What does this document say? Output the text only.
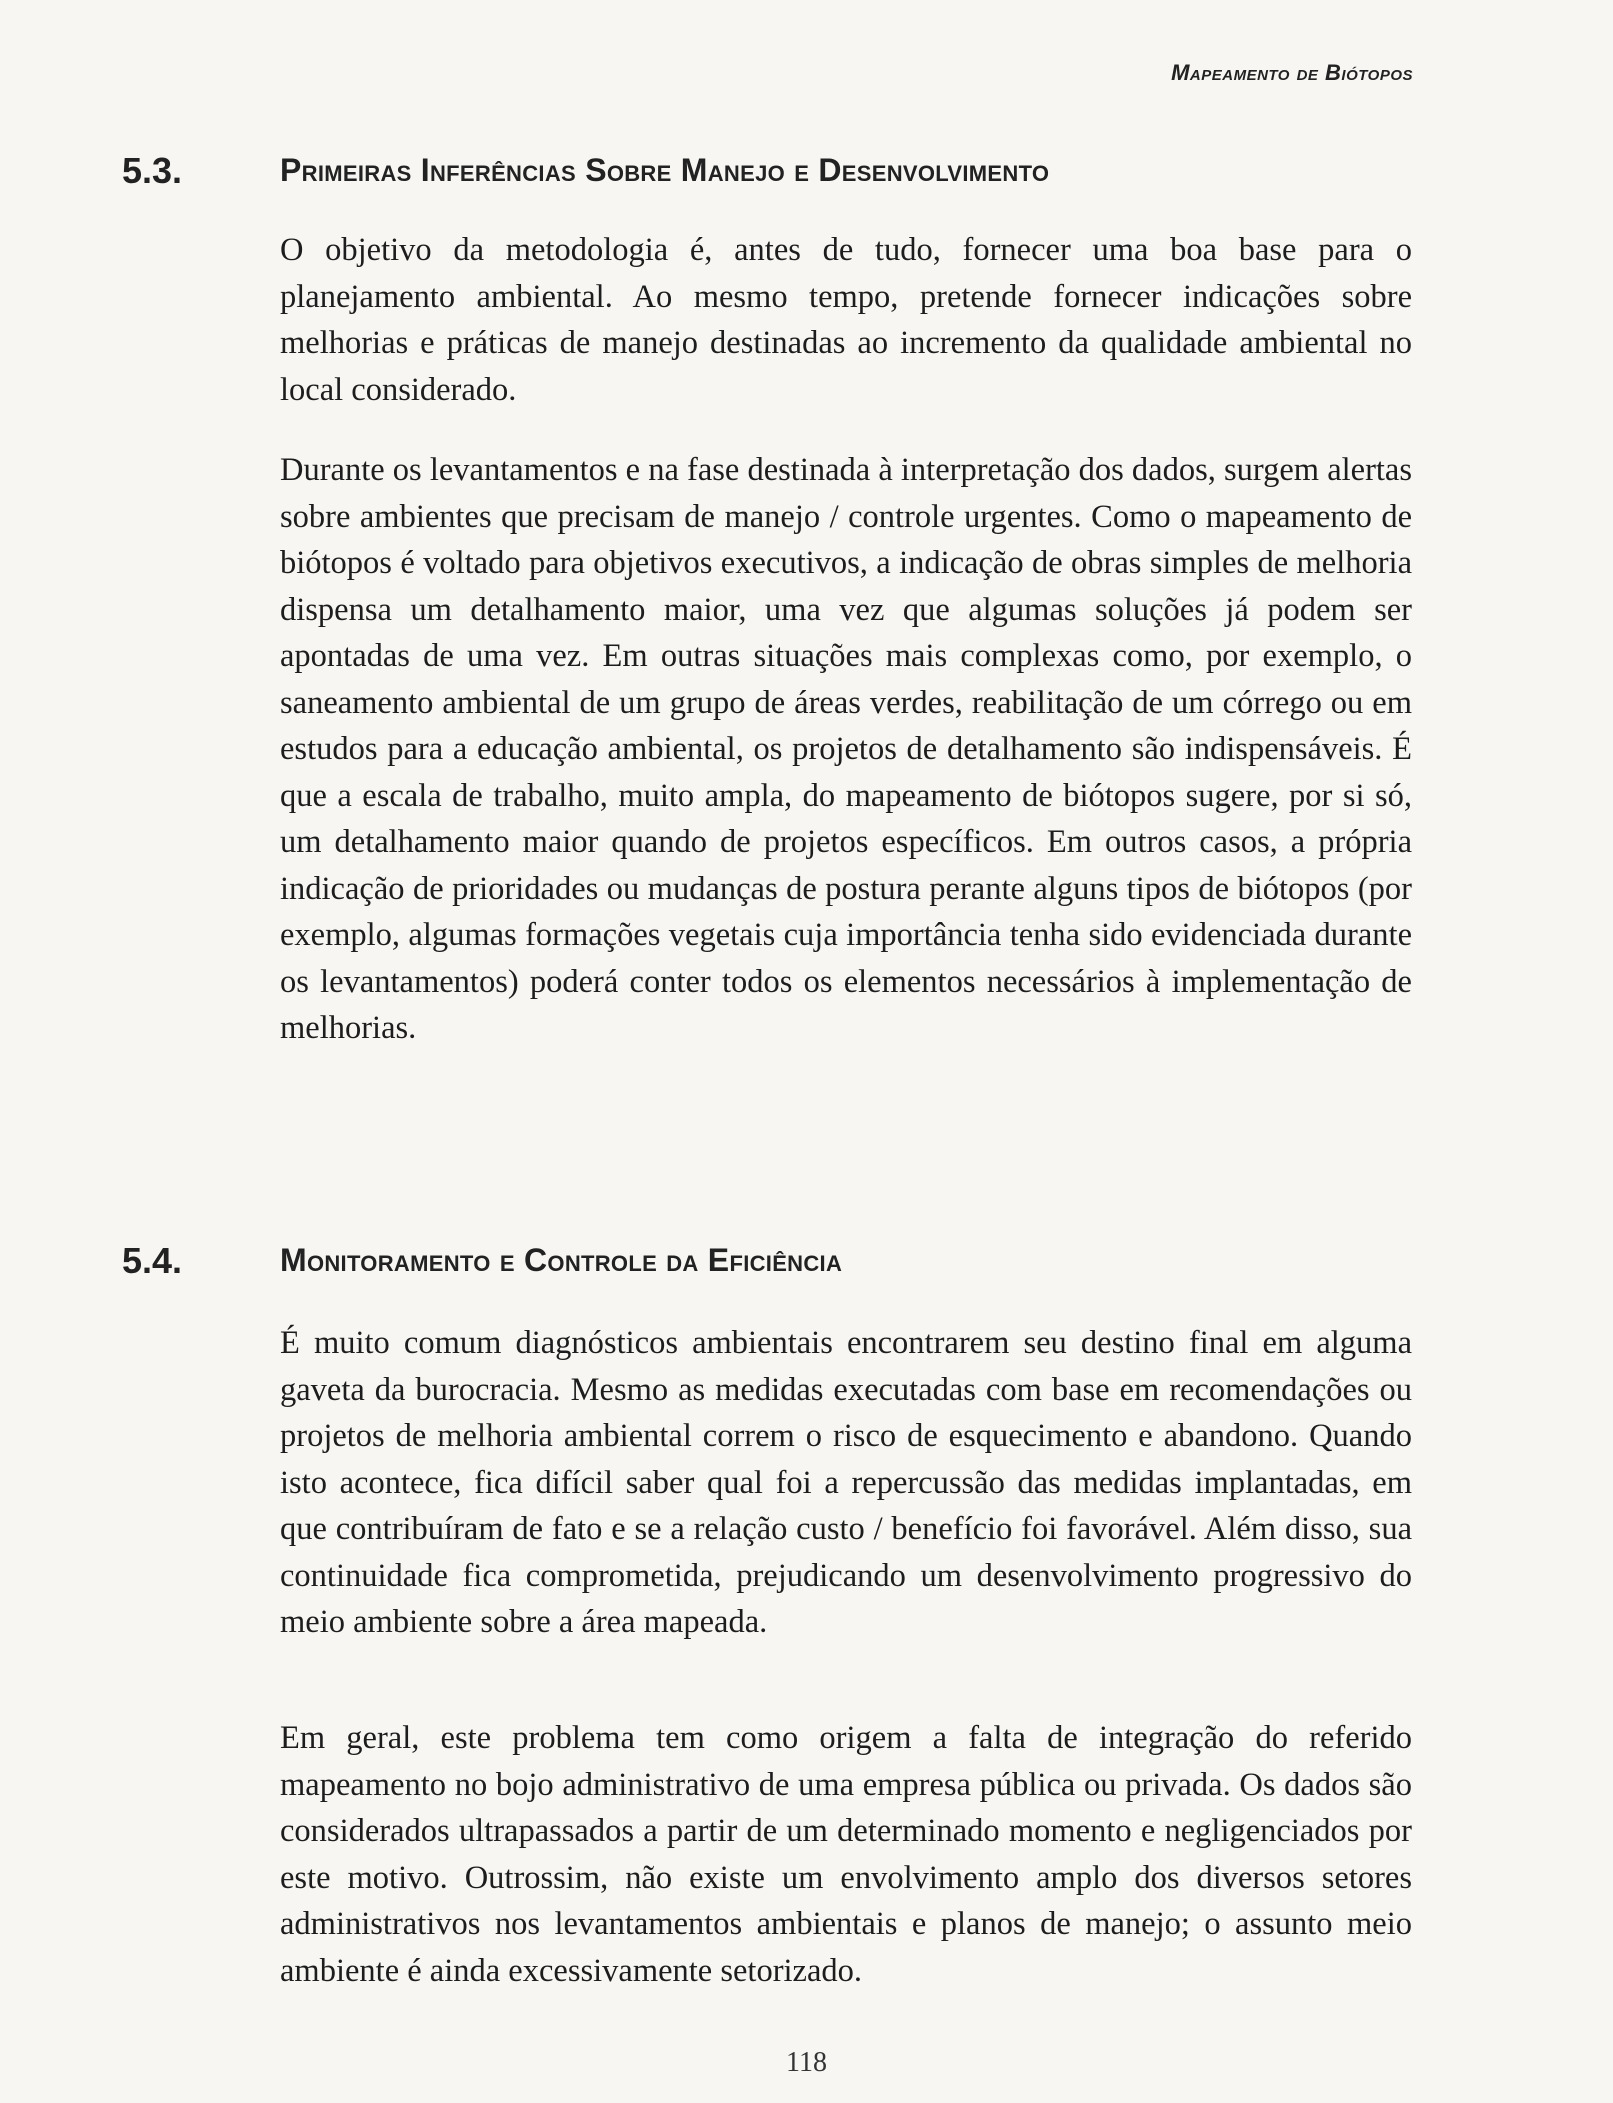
Mapeamento de Biótopos
5.3.	Primeiras Inferências Sobre Manejo e Desenvolvimento

O objetivo da metodologia é, antes de tudo, fornecer uma boa base para o planejamento ambiental. Ao mesmo tempo, pretende fornecer indicações sobre melhorias e práticas de manejo destinadas ao incremento da qualidade ambiental no local considerado.

Durante os levantamentos e na fase destinada à interpretação dos dados, surgem alertas sobre ambientes que precisam de manejo / controle urgentes. Como o mapeamento de biótopos é voltado para objetivos executivos, a indicação de obras simples de melhoria dispensa um detalhamento maior, uma vez que algumas soluções já podem ser apontadas de uma vez. Em outras situações mais complexas como, por exemplo, o saneamento ambiental de um grupo de áreas verdes, reabilitação de um córrego ou em estudos para a educação ambiental, os projetos de detalhamento são indispensáveis. É que a escala de trabalho, muito ampla, do mapeamento de biótopos sugere, por si só, um detalhamento maior quando de projetos específicos. Em outros casos, a própria indicação de prioridades ou mudanças de postura perante alguns tipos de biótopos (por exemplo, algumas formações vegetais cuja importância tenha sido evidenciada durante os levantamentos) poderá conter todos os elementos necessários à implementação de melhorias.

5.4.	Monitoramento e Controle da Eficiência

É muito comum diagnósticos ambientais encontrarem seu destino final em alguma gaveta da burocracia. Mesmo as medidas executadas com base em recomendações ou projetos de melhoria ambiental correm o risco de esquecimento e abandono. Quando isto acontece, fica difícil saber qual foi a repercussão das medidas implantadas, em que contribuíram de fato e se a relação custo / benefício foi favorável. Além disso, sua continuidade fica comprometida, prejudicando um desenvolvimento progressivo do meio ambiente sobre a área mapeada.

Em geral, este problema tem como origem a falta de integração do referido mapeamento no bojo administrativo de uma empresa pública ou privada. Os dados são considerados ultrapassados a partir de um determinado momento e negligenciados por este motivo. Outrossim, não existe um envolvimento amplo dos diversos setores administrativos nos levantamentos ambientais e planos de manejo; o assunto meio ambiente é ainda excessivamente setorizado.

118
